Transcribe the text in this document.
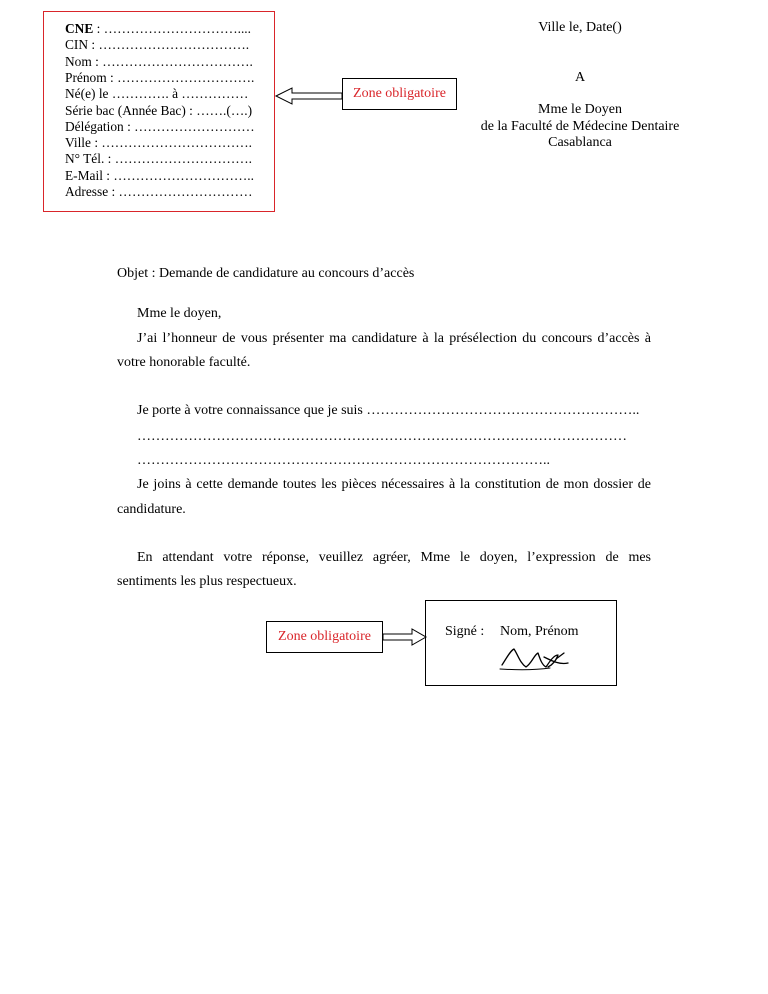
CNE : …………………………....
CIN : …………………………….
Nom : …………………………….
Prénom : ………………………….
Né(e) le …………. à ……………
Série bac (Année Bac) : …….(….)
Délégation : ………………………
Ville : …………………………….
N° Tél. : ………………………….
E-Mail : …………………………..
Adresse : …………………………
Zone obligatoire
Ville le, Date()
A
Mme le Doyen
de la Faculté de Médecine Dentaire
Casablanca
Objet : Demande de candidature au concours d’accès
Mme le doyen,
J’ai l’honneur de vous présenter ma candidature à la présélection du concours d’accès à
votre honorable faculté.
Je porte à votre connaissance que je suis …………………………………………………..
……………………………………………………………………………………………
……………………………………………………………………………..
Je joins à cette demande toutes les pièces nécessaires à la constitution de mon dossier de
candidature.
En attendant votre réponse, veuillez agréer, Mme le doyen, l’expression de mes
sentiments les plus respectueux.
Zone obligatoire	Signé : Nom, Prénom
